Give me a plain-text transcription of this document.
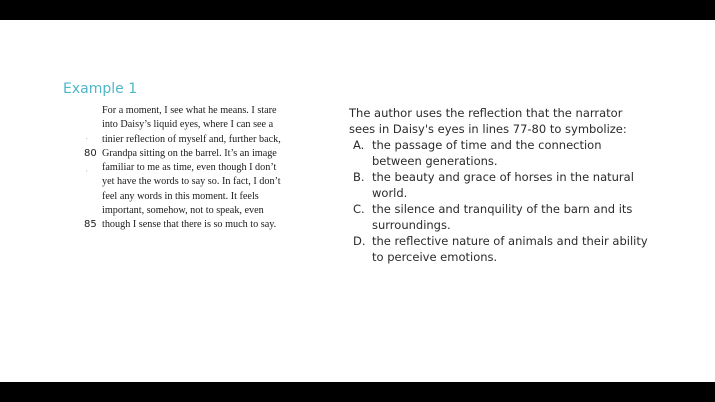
Example 1
For a moment, I see what he means. I stare
into Daisy’s liquid eyes, where I can see a
tinier reflection of myself and, further back,
80 Grandpa sitting on the barrel. It’s an image
familiar to me as time, even though I don’t
yet have the words to say so. In fact, I don’t
feel any words in this moment. It feels
important, somehow, not to speak, even
85 though I sense that there is so much to say.
’
,

The author uses the reflection that the narrator sees in Daisy's eyes in lines 77-80 to symbolize:

A. the passage of time and the connection between generations.
B. the beauty and grace of horses in the natural world.
C. the silence and tranquility of the barn and its surroundings.
D. the reflective nature of animals and their ability to perceive emotions.
